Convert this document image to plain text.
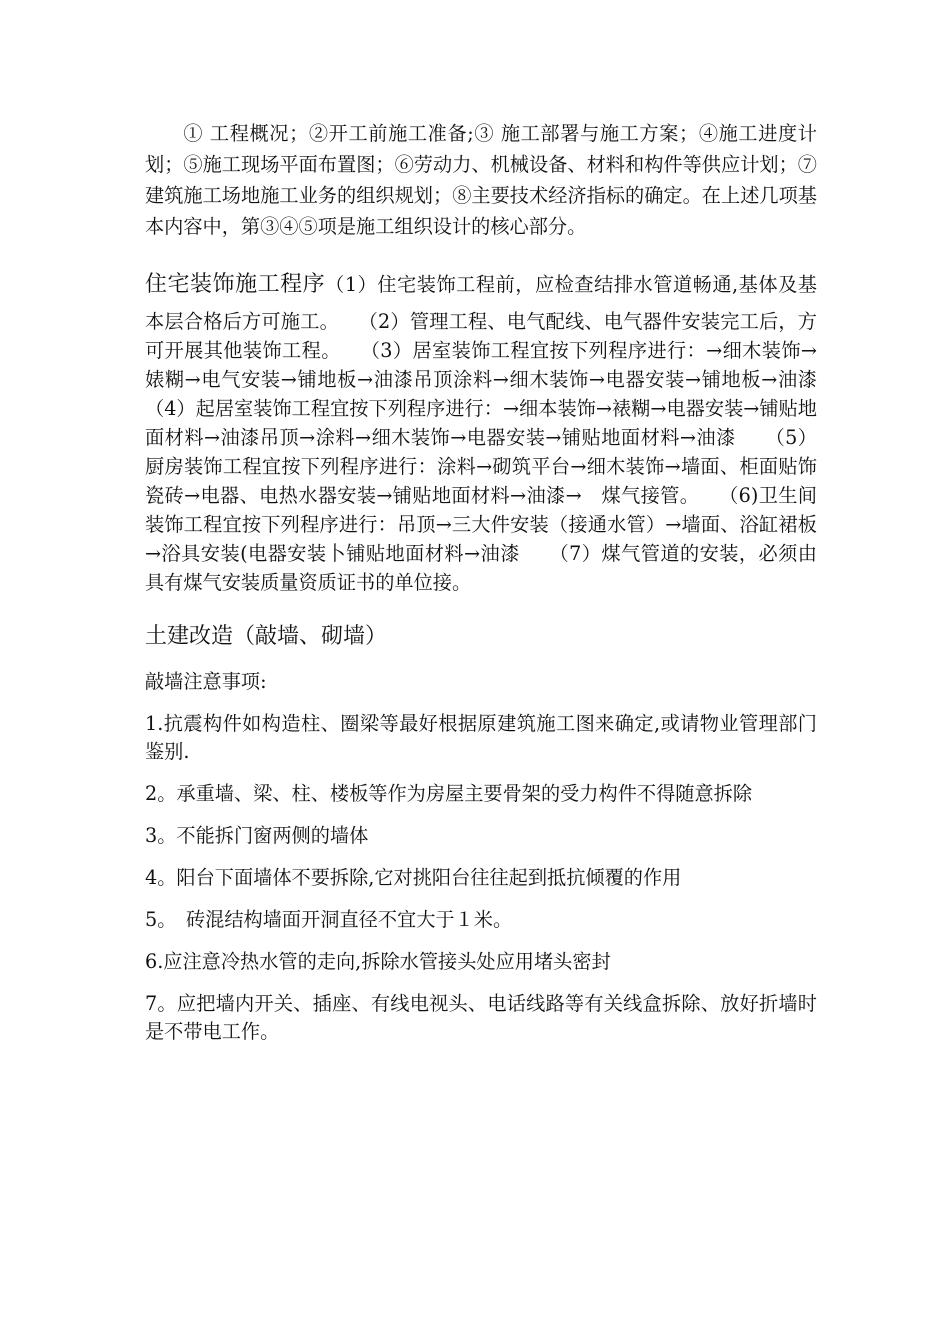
① 工程概况；②开工前施工准备;③ 施工部署与施工方案；④施工进度计划；⑤施工现场平面布置图；⑥劳动力、机械设备、材料和构件等供应计划；⑦建筑施工场地施工业务的组织规划；⑧主要技术经济指标的确定。在上述几项基本内容中，第③④⑤项是施工组织设计的核心部分。

住宅装饰施工程序（1）住宅装饰工程前，应检查结排水管道畅通,基体及基本层合格后方可施工。　　（2）管理工程、电气配线、电气器件安装完工后，方可开展其他装饰工程。　　（3）居室装饰工程宜按下列程序进行：→细木装饰→婊糊→电气安装→铺地板→油漆吊顶涂料→细木装饰→电器安装→铺地板→油漆　　（4）起居室装饰工程宜按下列程序进行：→细本装饰→裱糊→电器安装→铺贴地面材料→油漆吊顶→涂料→细木装饰→电器安装→铺贴地面材料→油漆　　（5）厨房装饰工程宜按下列程序进行：涂料→砌筑平台→细木装饰→墙面、柜面贴饰瓷砖→电器、电热水器安装→铺贴地面材料→油漆→　煤气接管。　　（6)卫生间装饰工程宜按下列程序进行：吊顶→三大件安装（接通水管）→墙面、浴缸裙板→浴具安装(电器安装卜铺贴地面材料→油漆　　（7）煤气管道的安装，必须由具有煤气安装质量资质证书的单位接。

土建改造（敲墙、砌墙）

敲墙注意事项:

1.抗震构件如构造柱、圈梁等最好根据原建筑施工图来确定,或请物业管理部门鉴别.

2。承重墙、梁、柱、楼板等作为房屋主要骨架的受力构件不得随意拆除

3。不能拆门窗两侧的墙体

4。阳台下面墙体不要拆除,它对挑阳台往往起到抵抗倾覆的作用

5。　砖混结构墙面开洞直径不宜大于１米。

6.应注意冷热水管的走向,拆除水管接头处应用堵头密封

7。应把墙内开关、插座、有线电视头、电话线路等有关线盒拆除、放好折墙时是不带电工作。
